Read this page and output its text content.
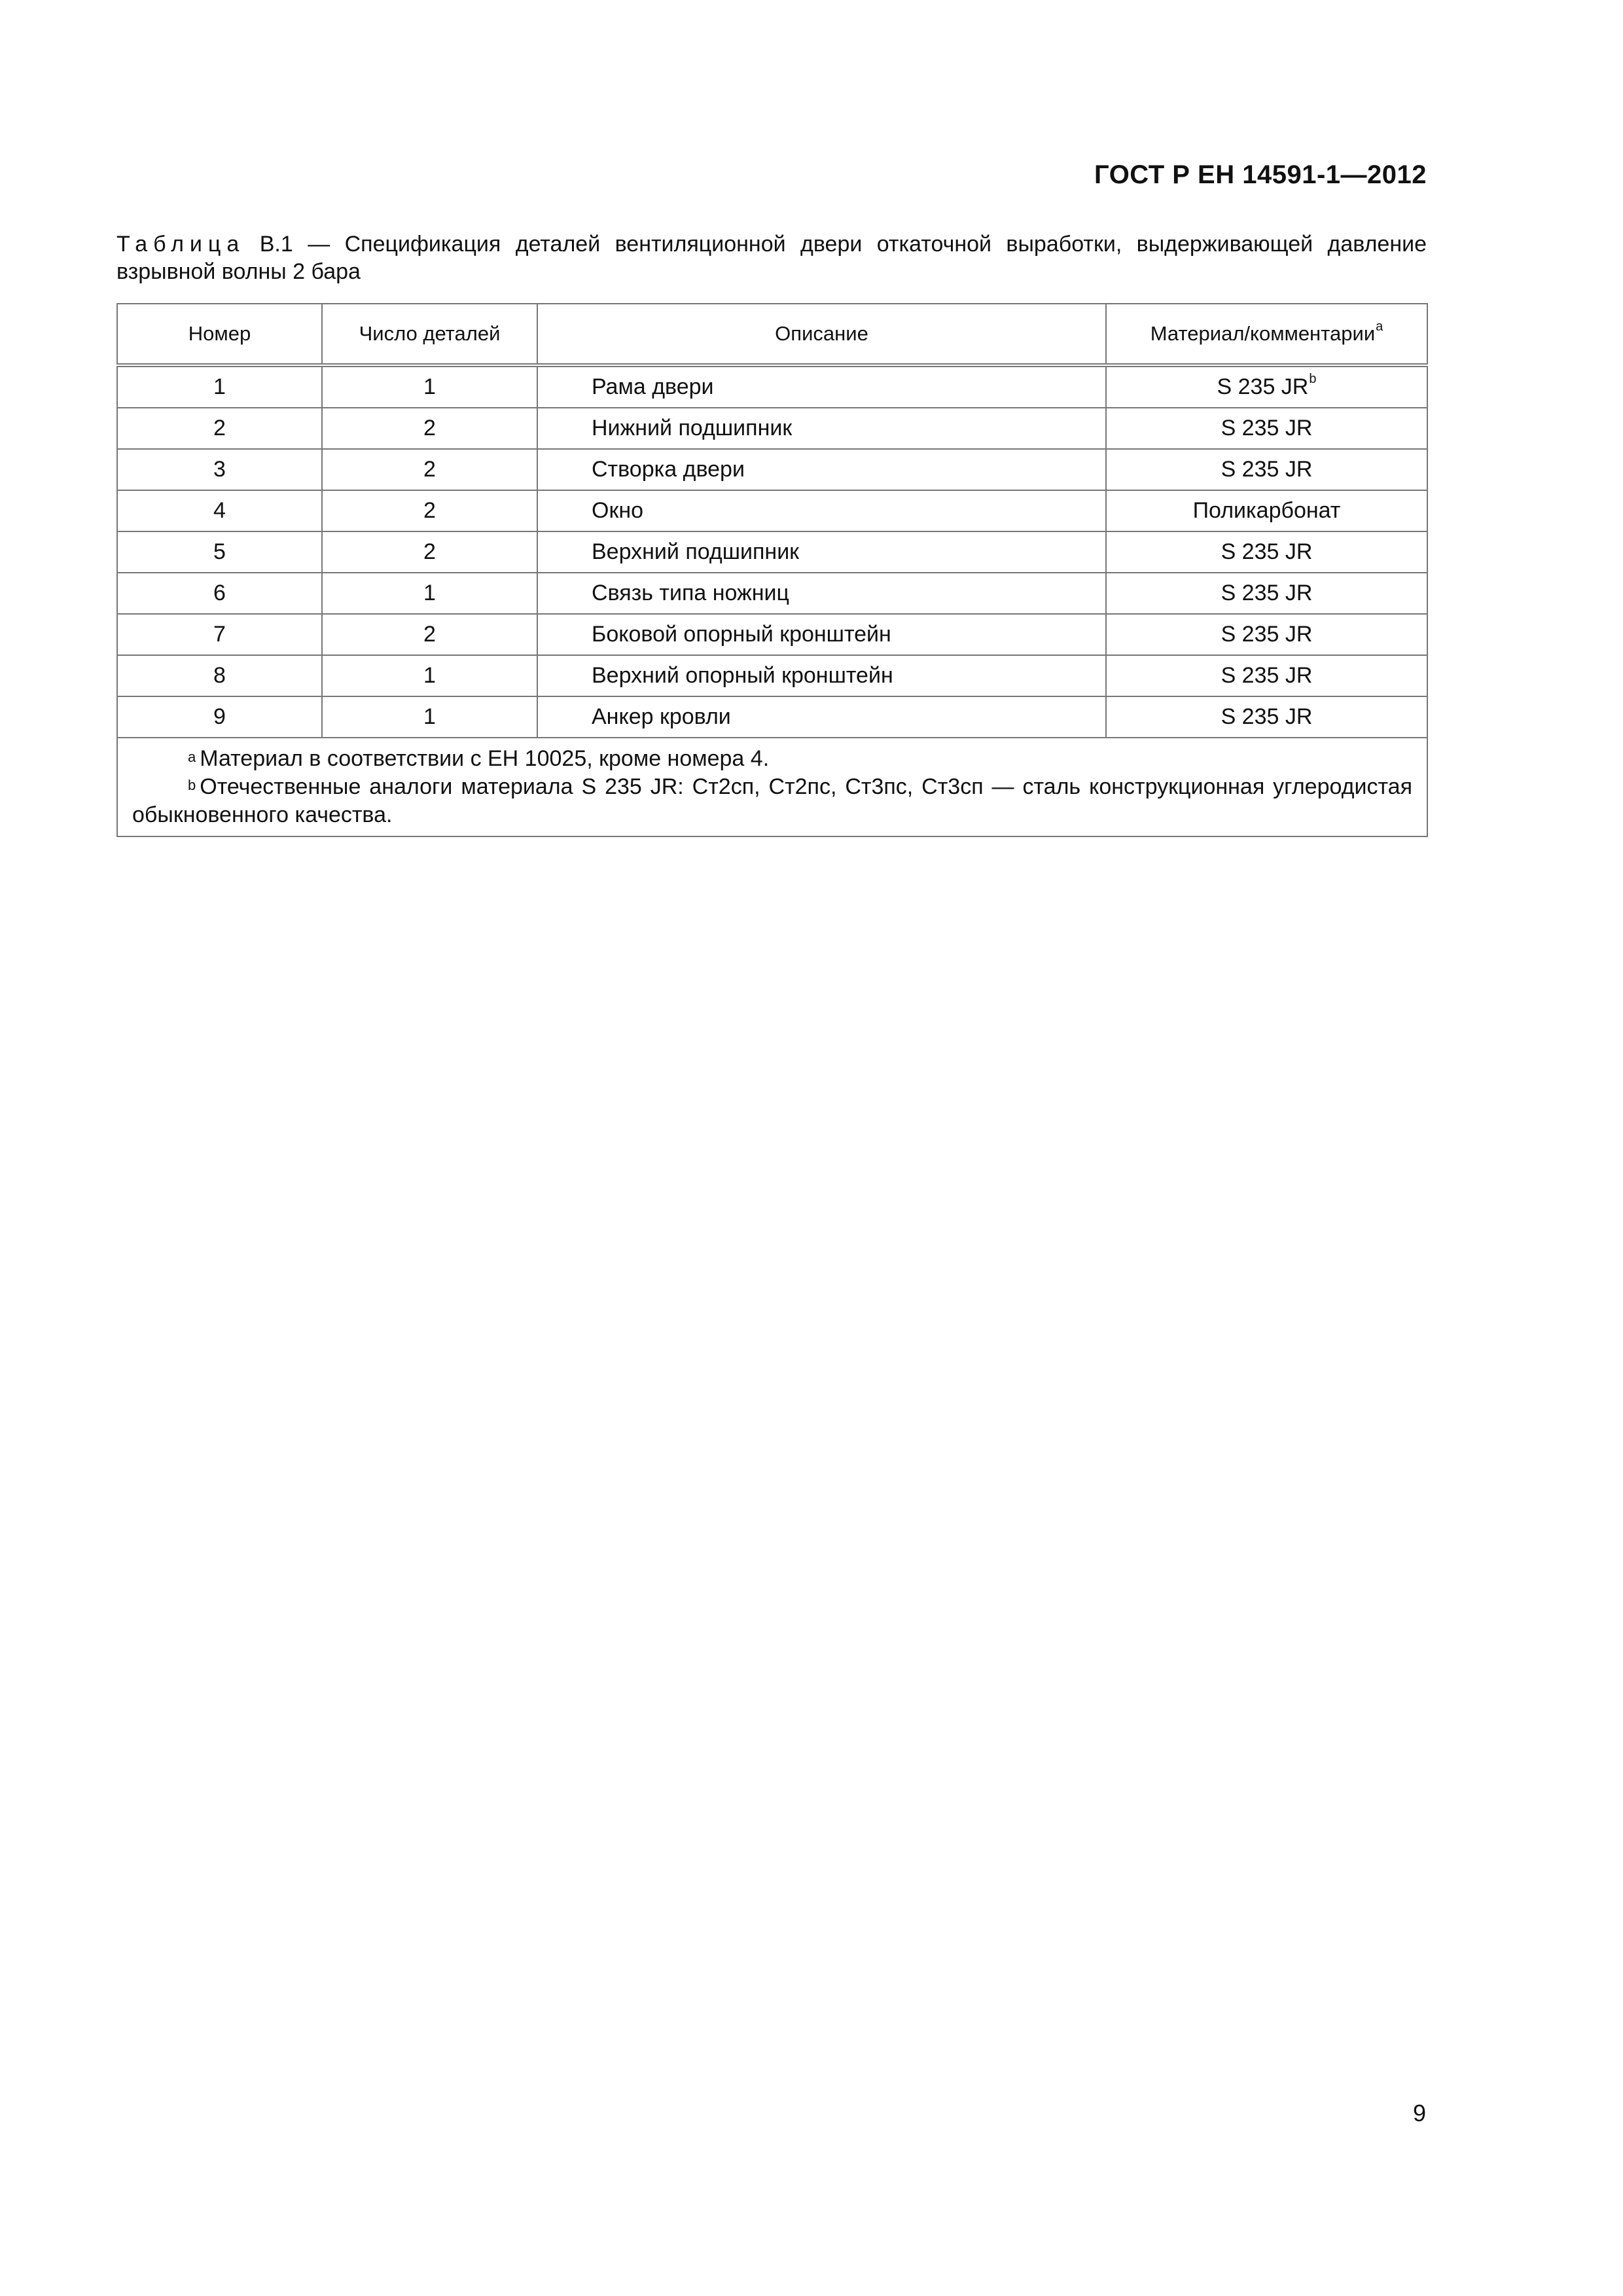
ГОСТ Р ЕН 14591-1—2012
Таблица В.1 — Спецификация деталей вентиляционной двери откаточной выработки, выдерживающей давление взрывной волны 2 бара
Номер	Число деталей	Описание	Материал/комментарии$^a$
1	1	Рама двери	S 235 $JR^b$
2	2	Нижний подшипник	S 235 JR
3	2	Створка двери	S 235 JR
4	2	Окно	Поликарбонат
5	2	Верхний подшипник	S 235 JR
6	1	Связь типа ножниц	S 235 JR
7	2	Боковой опорный кронштейн	S 235 JR
8	1	Верхний опорный кронштейн	S 235 JR
9	1	Анкер кровли	S 235 JR

$^a$ Материал в соответствии с ЕН 10025, кроме номера 4.
$^b$ Отечественные аналоги материала S 235 JR: Ст2сп, Ст2пс, Ст3пс, Ст3сп — сталь конструкционная углеродистая обыкновенного качества.			
9
